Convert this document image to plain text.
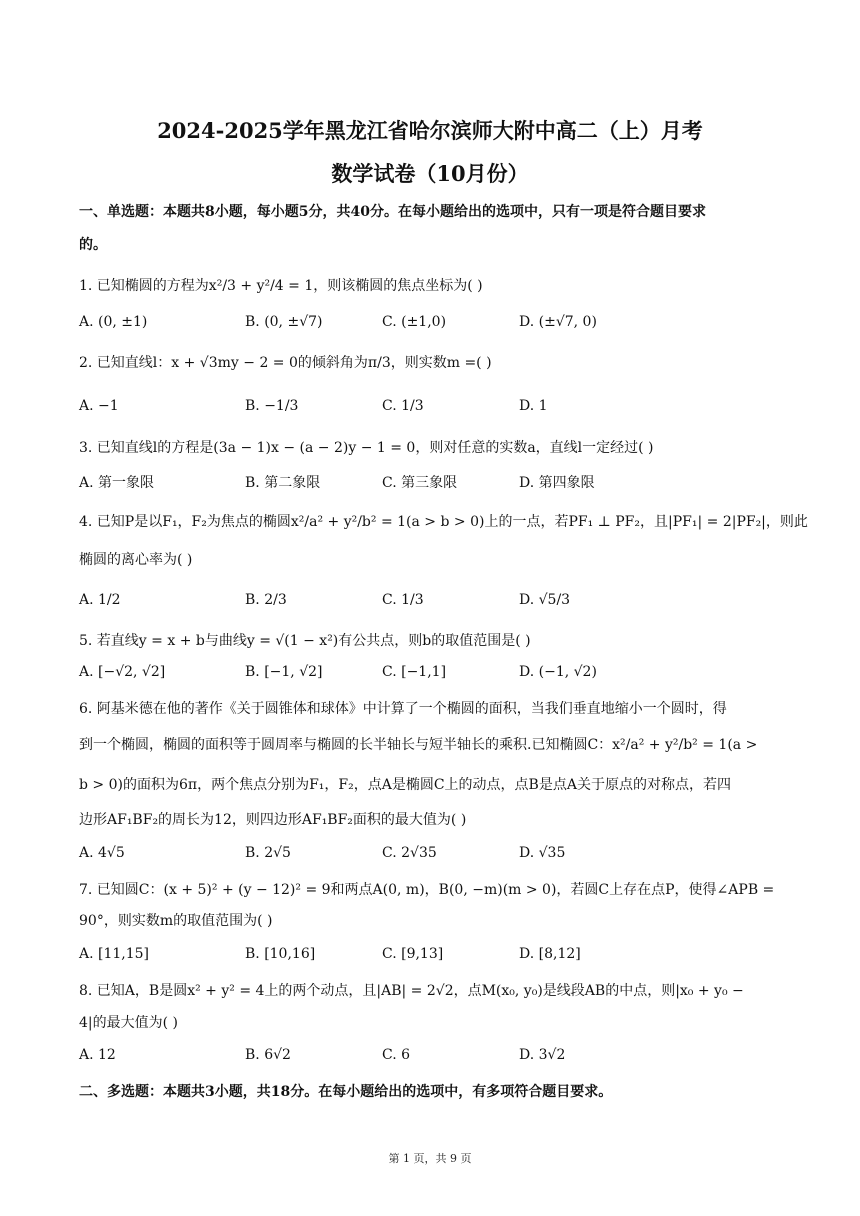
2024-2025学年黑龙江省哈尔滨师大附中高二（上）月考
数学试卷（10月份）
一、单选题：本题共8小题，每小题5分，共40分。在每小题给出的选项中，只有一项是符合题目要求
的。
1. 已知椭圆的方程为x²/3 + y²/4 = 1，则该椭圆的焦点坐标为( )
A. (0, ±1)	B. (0, ±√7)	C. (±1,0)	D. (±√7, 0)
2. 已知直线l：x + √3my − 2 = 0的倾斜角为π/3，则实数m =( )
A. −1	B. −1/3	C. 1/3	D. 1
3. 已知直线l的方程是(3a − 1)x − (a − 2)y − 1 = 0，则对任意的实数a，直线l一定经过( )
A. 第一象限	B. 第二象限	C. 第三象限	D. 第四象限
4. 已知P是以F₁，F₂为焦点的椭圆x²/a² + y²/b² = 1(a > b > 0)上的一点，若PF₁ ⊥ PF₂，且|PF₁| = 2|PF₂|，则此
椭圆的离心率为( )
A. 1/2	B. 2/3	C. 1/3	D. √5/3
5. 若直线y = x + b与曲线y = √(1 − x²)有公共点，则b的取值范围是( )
A. [−√2, √2]	B. [−1, √2]	C. [−1,1]	D. (−1, √2)
6. 阿基米德在他的著作《关于圆锥体和球体》中计算了一个椭圆的面积，当我们垂直地缩小一个圆时，得
到一个椭圆，椭圆的面积等于圆周率与椭圆的长半轴长与短半轴长的乘积.已知椭圆C：x²/a² + y²/b² = 1(a >
b > 0)的面积为6π，两个焦点分别为F₁，F₂，点A是椭圆C上的动点，点B是点A关于原点的对称点，若四
边形AF₁BF₂的周长为12，则四边形AF₁BF₂面积的最大值为( )
A. 4√5	B. 2√5	C. 2√35	D. √35
7. 已知圆C：(x + 5)² + (y − 12)² = 9和两点A(0, m)，B(0, −m)(m > 0)，若圆C上存在点P，使得∠APB =
90°，则实数m的取值范围为( )
A. [11,15]	B. [10,16]	C. [9,13]	D. [8,12]
8. 已知A，B是圆x² + y² = 4上的两个动点，且|AB| = 2√2，点M(x₀, y₀)是线段AB的中点，则|x₀ + y₀ −
4|的最大值为( )
A. 12	B. 6√2	C. 6	D. 3√2
二、多选题：本题共3小题，共18分。在每小题给出的选项中，有多项符合题目要求。
第 1 页，共 9 页
